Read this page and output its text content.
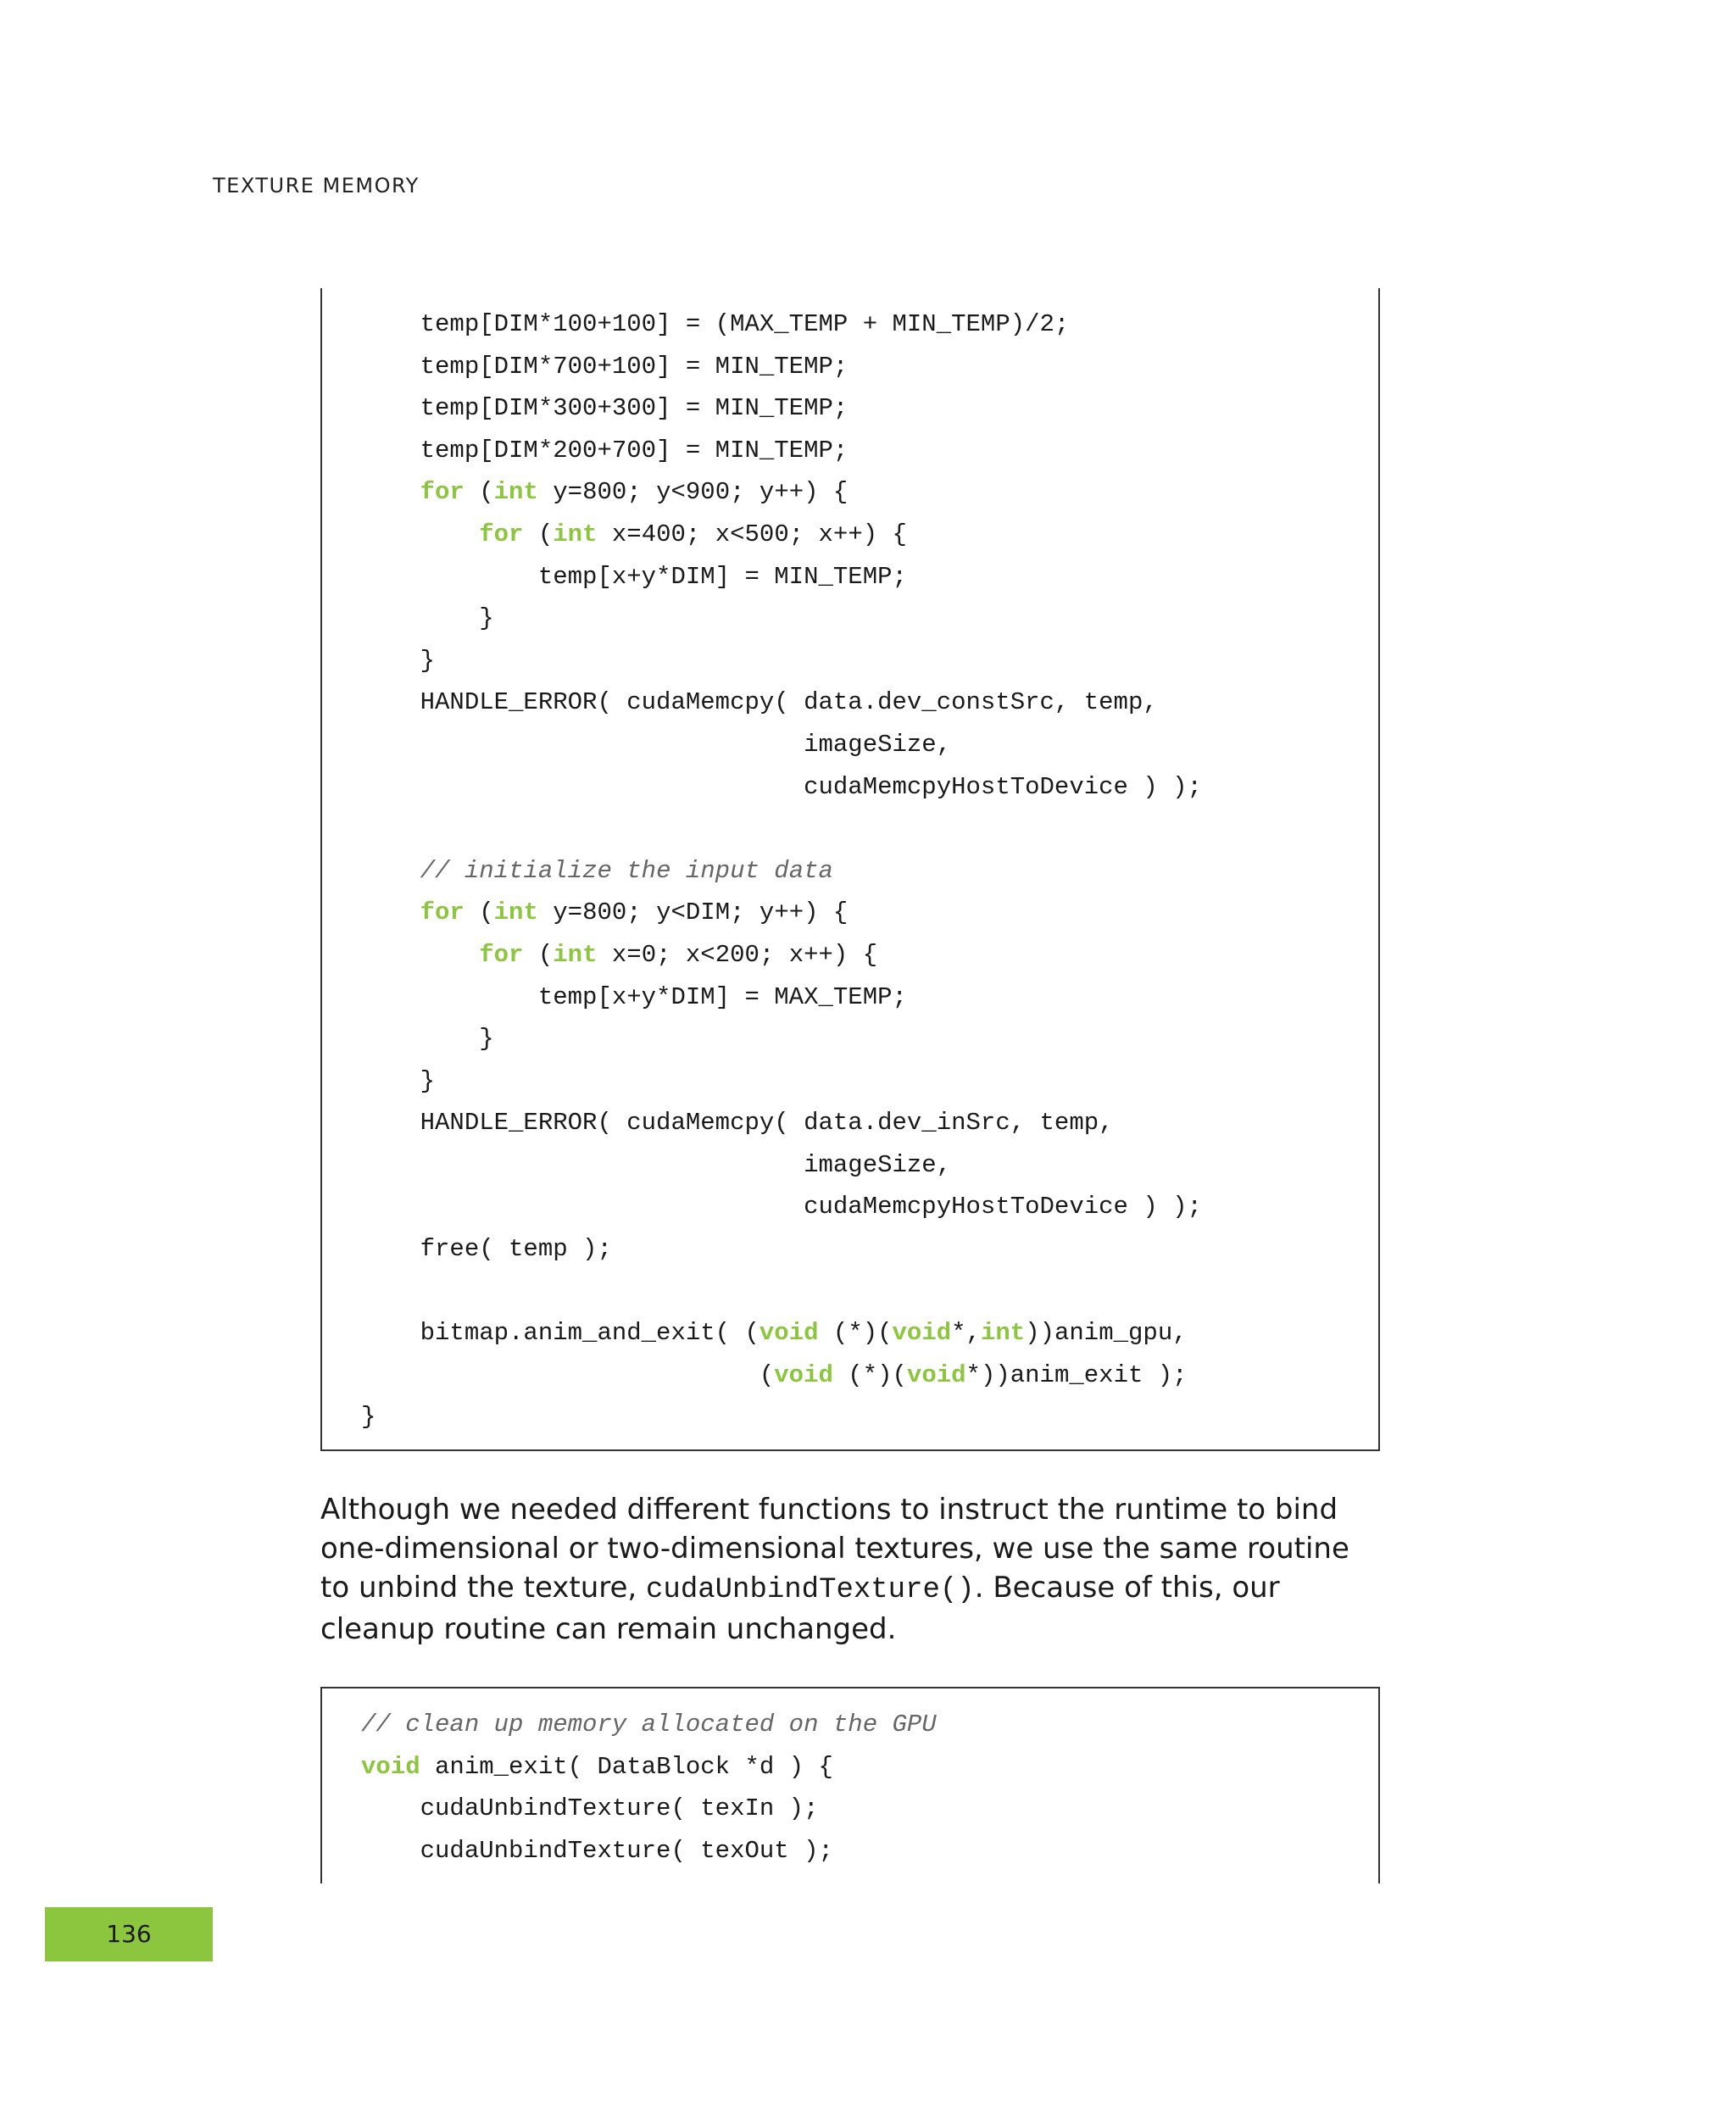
TEXTURE MEMORY
temp[DIM*100+100] = (MAX_TEMP + MIN_TEMP)/2;
temp[DIM*700+100] = MIN_TEMP;
temp[DIM*300+300] = MIN_TEMP;
temp[DIM*200+700] = MIN_TEMP;
for (int y=800; y<900; y++) {
for (int x=400; x<500; x++) {
temp[x+y*DIM] = MIN_TEMP;
}
}
HANDLE_ERROR( cudaMemcpy( data.dev_constSrc, temp,
imageSize,
cudaMemcpyHostToDevice ) );
// initialize the input data
for (int y=800; y<DIM; y++) {
for (int x=0; x<200; x++) {
temp[x+y*DIM] = MAX_TEMP;
}
}
HANDLE_ERROR( cudaMemcpy( data.dev_inSrc, temp,
imageSize,
cudaMemcpyHostToDevice ) );
free( temp );
bitmap.anim_and_exit( (void (*)(void*,int))anim_gpu,
(void (*)(void*))anim_exit );
}
Although we needed different functions to instruct the runtime to bind one-dimensional or two-dimensional textures, we use the same routine to unbind the texture, cudaUnbindTexture(). Because of this, our cleanup routine can remain unchanged.
// clean up memory allocated on the GPU
void anim_exit( DataBlock *d ) {
cudaUnbindTexture( texIn );
cudaUnbindTexture( texOut );
136
